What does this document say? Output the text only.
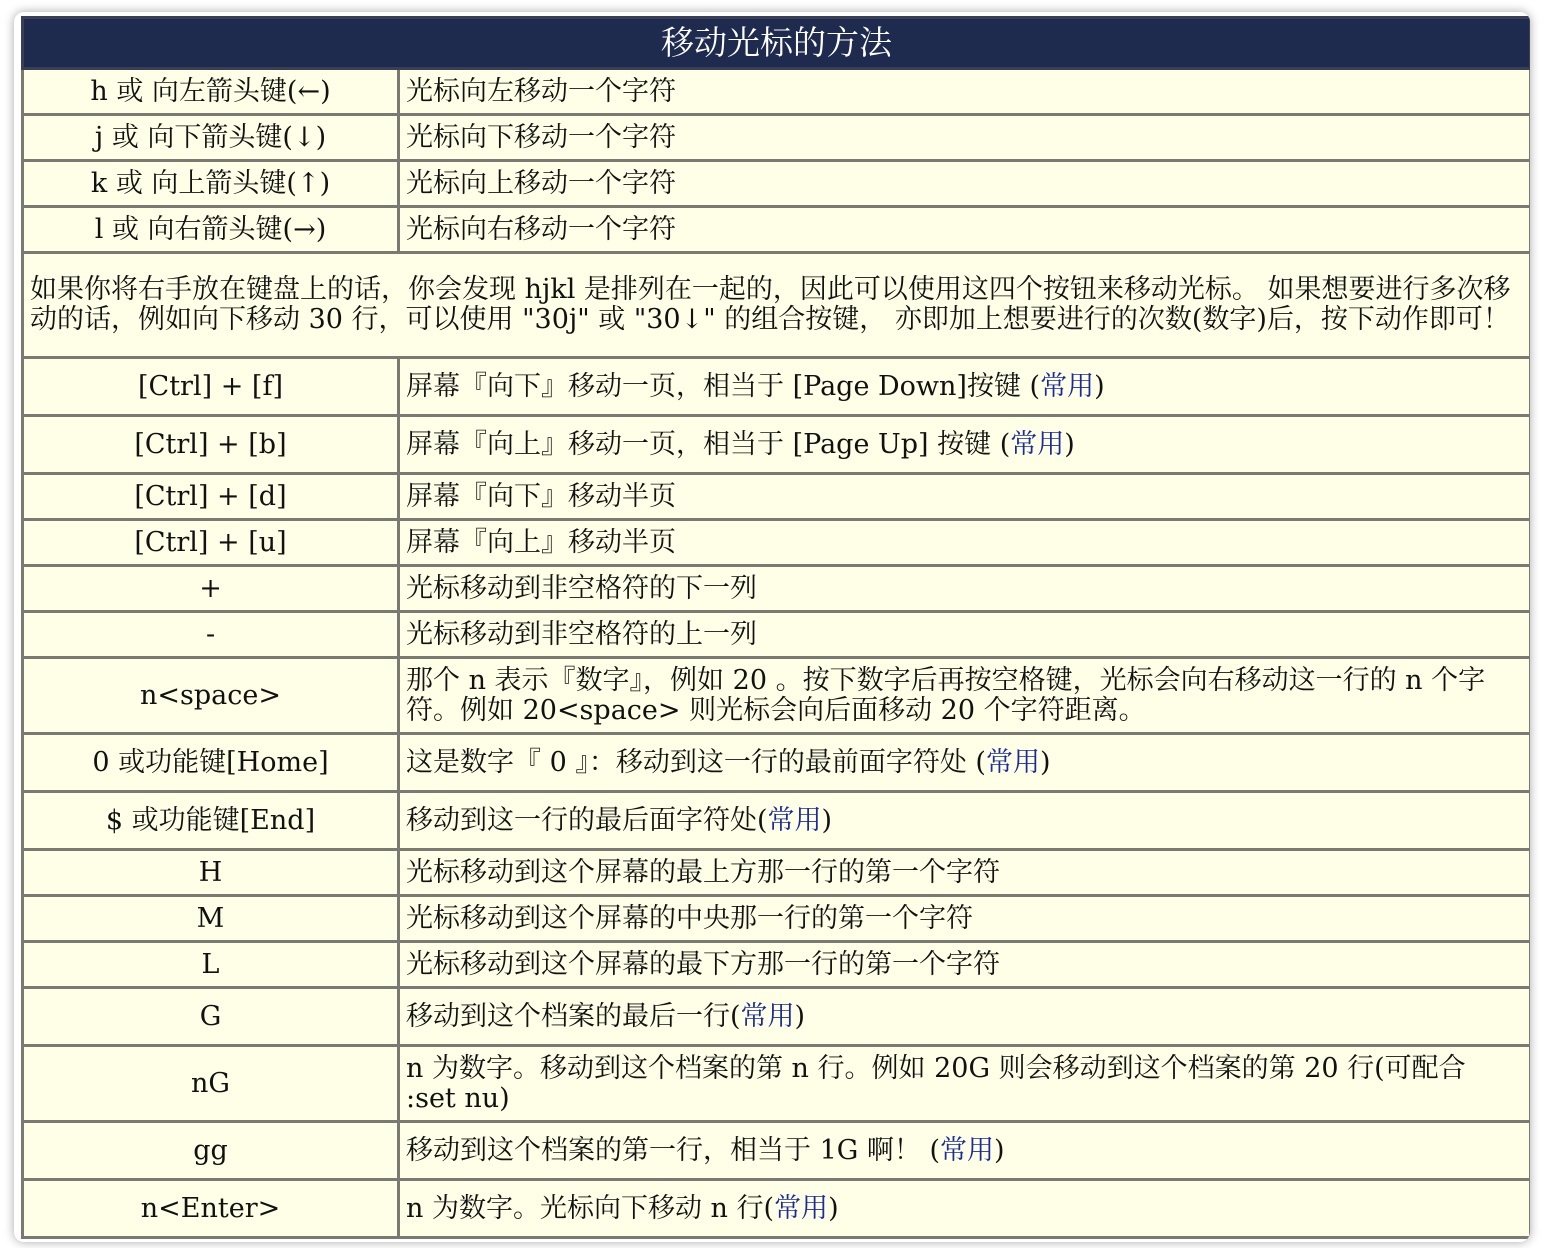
移动光标的方法	
h 或 向左箭头键(←)	光标向左移动一个字符
j 或 向下箭头键(↓)	光标向下移动一个字符
k 或 向上箭头键(↑)	光标向上移动一个字符
l 或 向右箭头键(→)	光标向右移动一个字符
如果你将右手放在键盘上的话，你会发现 hjkl 是排列在一起的，因此可以使用这四个按钮来移动光标。 如果想要进行多次移动的话，例如向下移动 30 行，可以使用 "30j" 或 "30↓" 的组合按键， 亦即加上想要进行的次数(数字)后，按下动作即可！	
[Ctrl] + [f]	屏幕『向下』移动一页，相当于 [Page Down]按键 (常用)
[Ctrl] + [b]	屏幕『向上』移动一页，相当于 [Page Up] 按键 (常用)
[Ctrl] + [d]	屏幕『向下』移动半页
[Ctrl] + [u]	屏幕『向上』移动半页
+	光标移动到非空格符的下一列
-	光标移动到非空格符的上一列
n<space>	那个 n 表示『数字』，例如 20 。按下数字后再按空格键，光标会向右移动这一行的 n 个字符。例如 20<space> 则光标会向后面移动 20 个字符距离。
0 或功能键[Home]	这是数字『 0 』：移动到这一行的最前面字符处 (常用)
$ 或功能键[End]	移动到这一行的最后面字符处(常用)
H	光标移动到这个屏幕的最上方那一行的第一个字符
M	光标移动到这个屏幕的中央那一行的第一个字符
L	光标移动到这个屏幕的最下方那一行的第一个字符
G	移动到这个档案的最后一行(常用)
nG	n 为数字。移动到这个档案的第 n 行。例如 20G 则会移动到这个档案的第 20 行(可配合 :set nu)
gg	移动到这个档案的第一行，相当于 1G 啊！ (常用)
n<Enter>	n 为数字。光标向下移动 n 行(常用)
